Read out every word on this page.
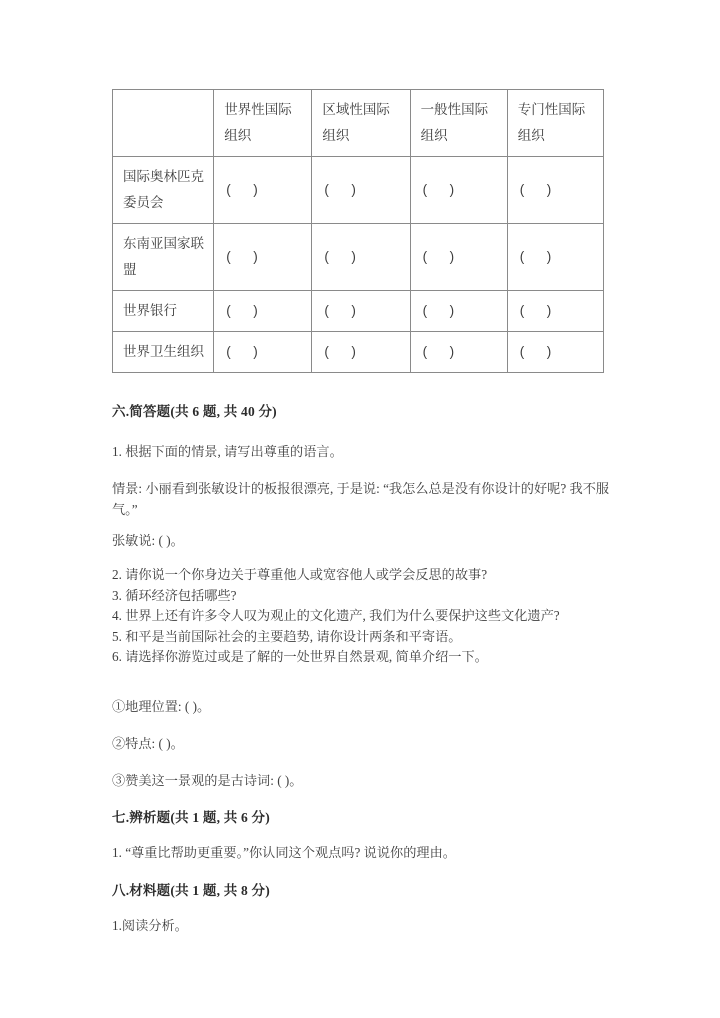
	世界性国际组织	区域性国际组织	一般性国际组织	专门性国际组织
国际奥林匹克委员会	(      )	(      )	(      )	(      )
东南亚国家联盟	(      )	(      )	(      )	(      )
世界银行	(      )	(      )	(      )	(      )
世界卫生组织	(      )	(      )	(      )	(      )
六.简答题(共 6 题, 共 40 分)
1. 根据下面的情景, 请写出尊重的语言。
情景: 小丽看到张敏设计的板报很漂亮, 于是说: “我怎么总是没有你设计的好呢? 我不服气。”
张敏说: ( )。
2. 请你说一个你身边关于尊重他人或宽容他人或学会反思的故事?
3. 循环经济包括哪些?
4. 世界上还有许多令人叹为观止的文化遗产, 我们为什么要保护这些文化遗产?
5. 和平是当前国际社会的主要趋势, 请你设计两条和平寄语。
6. 请选择你游览过或是了解的一处世界自然景观, 简单介绍一下。
①地理位置: ( )。
②特点: ( )。
③赞美这一景观的是古诗词: ( )。
七.辨析题(共 1 题, 共 6 分)
1. “尊重比帮助更重要。”你认同这个观点吗? 说说你的理由。
八.材料题(共 1 题, 共 8 分)
1.阅读分析。
